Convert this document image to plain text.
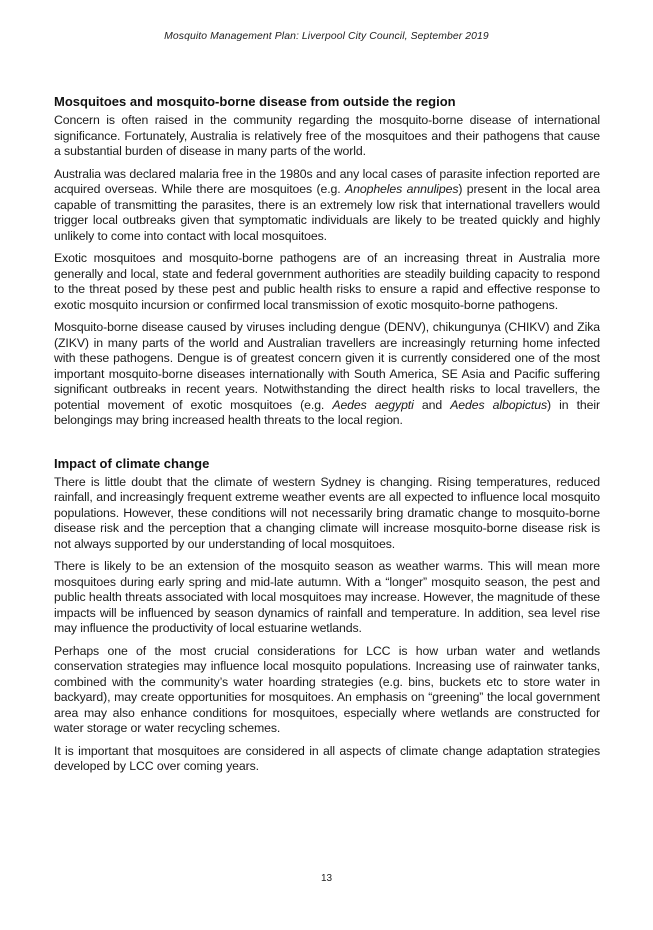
Mosquito Management Plan: Liverpool City Council, September 2019
Mosquitoes and mosquito-borne disease from outside the region

Concern is often raised in the community regarding the mosquito-borne disease of international significance. Fortunately, Australia is relatively free of the mosquitoes and their pathogens that cause a substantial burden of disease in many parts of the world.

Australia was declared malaria free in the 1980s and any local cases of parasite infection reported are acquired overseas. While there are mosquitoes (e.g. Anopheles annulipes) present in the local area capable of transmitting the parasites, there is an extremely low risk that international travellers would trigger local outbreaks given that symptomatic individuals are likely to be treated quickly and highly unlikely to come into contact with local mosquitoes.

Exotic mosquitoes and mosquito-borne pathogens are of an increasing threat in Australia more generally and local, state and federal government authorities are steadily building capacity to respond to the threat posed by these pest and public health risks to ensure a rapid and effective response to exotic mosquito incursion or confirmed local transmission of exotic mosquito-borne pathogens.

Mosquito-borne disease caused by viruses including dengue (DENV), chikungunya (CHIKV) and Zika (ZIKV) in many parts of the world and Australian travellers are increasingly returning home infected with these pathogens. Dengue is of greatest concern given it is currently considered one of the most important mosquito-borne diseases internationally with South America, SE Asia and Pacific suffering significant outbreaks in recent years. Notwithstanding the direct health risks to local travellers, the potential movement of exotic mosquitoes (e.g. Aedes aegypti and Aedes albopictus) in their belongings may bring increased health threats to the local region.

Impact of climate change

There is little doubt that the climate of western Sydney is changing. Rising temperatures, reduced rainfall, and increasingly frequent extreme weather events are all expected to influence local mosquito populations. However, these conditions will not necessarily bring dramatic change to mosquito-borne disease risk and the perception that a changing climate will increase mosquito-borne disease risk is not always supported by our understanding of local mosquitoes.

There is likely to be an extension of the mosquito season as weather warms. This will mean more mosquitoes during early spring and mid-late autumn. With a “longer” mosquito season, the pest and public health threats associated with local mosquitoes may increase. However, the magnitude of these impacts will be influenced by season dynamics of rainfall and temperature. In addition, sea level rise may influence the productivity of local estuarine wetlands.

Perhaps one of the most crucial considerations for LCC is how urban water and wetlands conservation strategies may influence local mosquito populations. Increasing use of rainwater tanks, combined with the community’s water hoarding strategies (e.g. bins, buckets etc to store water in backyard), may create opportunities for mosquitoes. An emphasis on “greening” the local government area may also enhance conditions for mosquitoes, especially where wetlands are constructed for water storage or water recycling schemes.

It is important that mosquitoes are considered in all aspects of climate change adaptation strategies developed by LCC over coming years.

13
